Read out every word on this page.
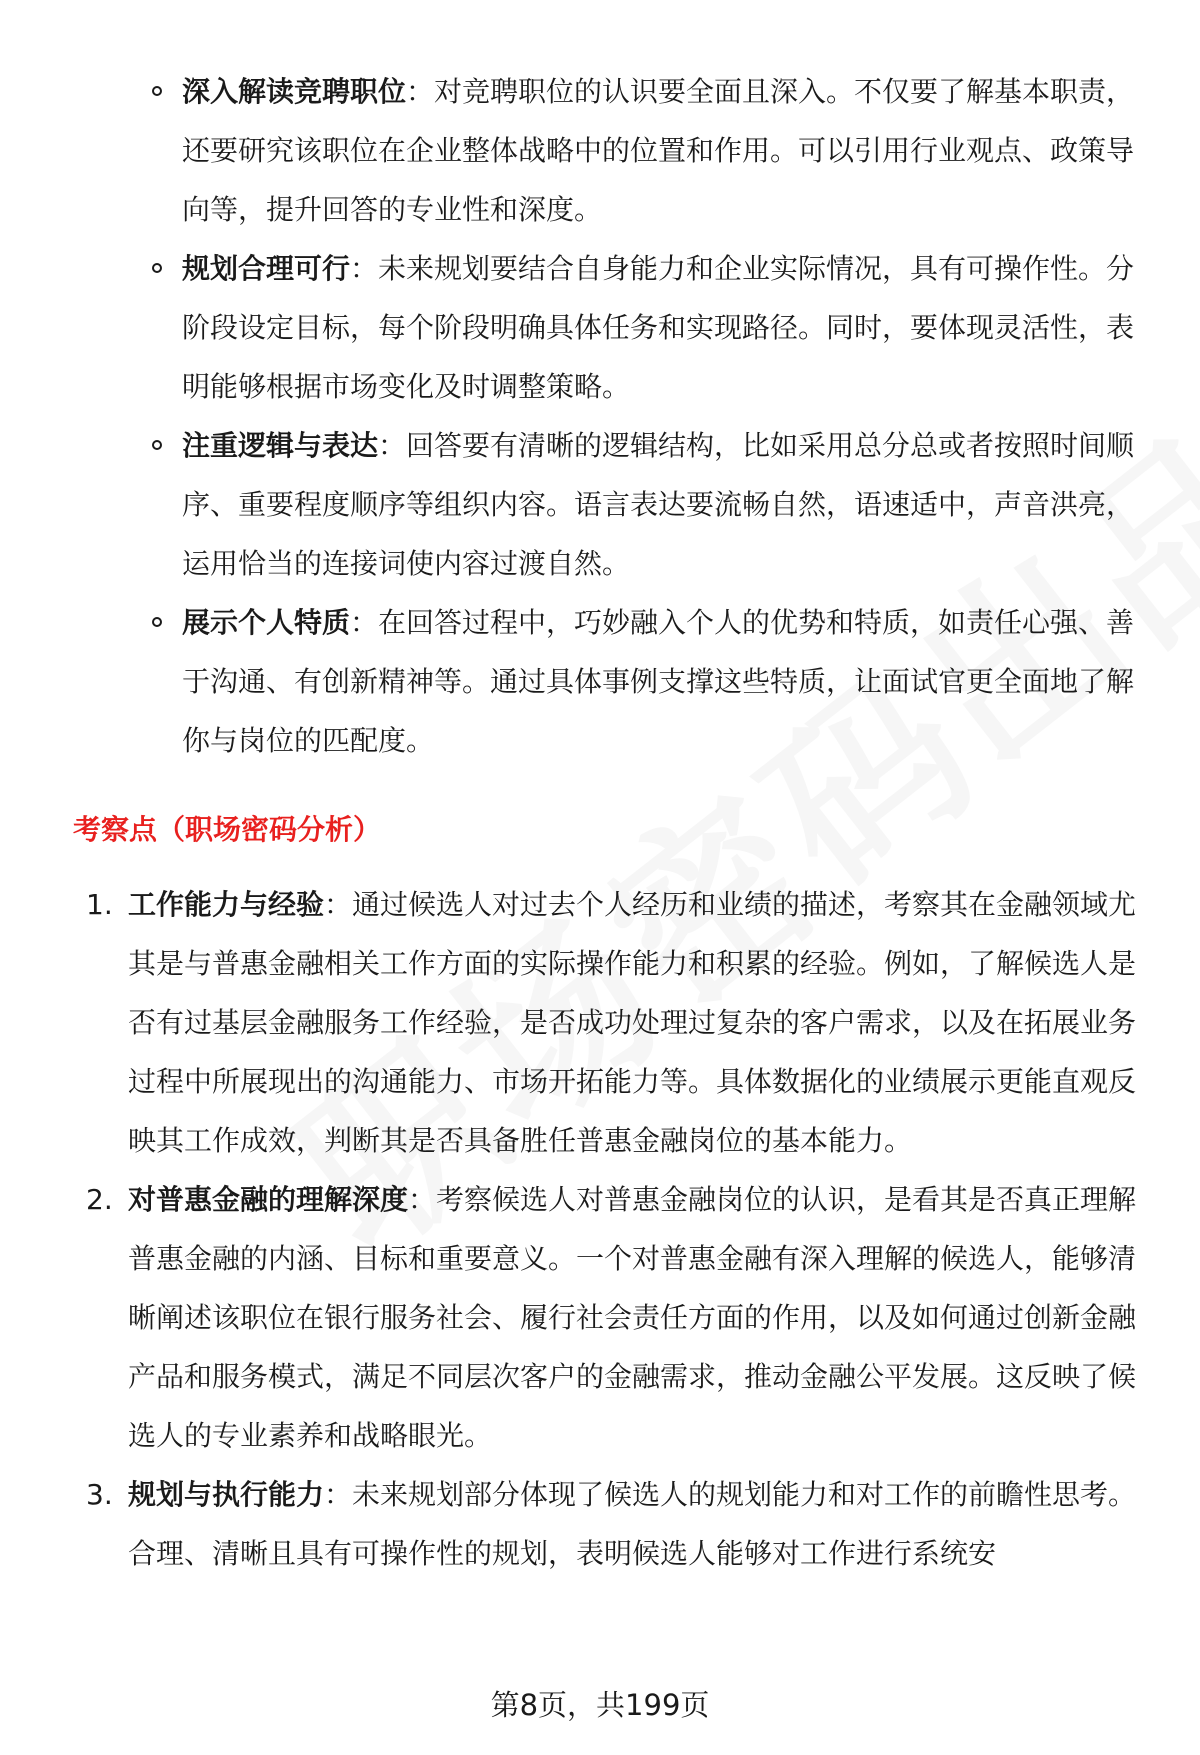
深入解读竞聘职位：对竞聘职位的认识要全面且深入。不仅要了解基本职责，还要研究该职位在企业整体战略中的位置和作用。可以引用行业观点、政策导向等，提升回答的专业性和深度。
规划合理可行：未来规划要结合自身能力和企业实际情况，具有可操作性。分阶段设定目标，每个阶段明确具体任务和实现路径。同时，要体现灵活性，表明能够根据市场变化及时调整策略。
注重逻辑与表达：回答要有清晰的逻辑结构，比如采用总分总或者按照时间顺序、重要程度顺序等组织内容。语言表达要流畅自然，语速适中，声音洪亮，运用恰当的连接词使内容过渡自然。
展示个人特质：在回答过程中，巧妙融入个人的优势和特质，如责任心强、善于沟通、有创新精神等。通过具体事例支撑这些特质，让面试官更全面地了解你与岗位的匹配度。
考察点（职场密码分析）
1. 工作能力与经验：通过候选人对过去个人经历和业绩的描述，考察其在金融领域尤其是与普惠金融相关工作方面的实际操作能力和积累的经验。例如，了解候选人是否有过基层金融服务工作经验，是否成功处理过复杂的客户需求，以及在拓展业务过程中所展现出的沟通能力、市场开拓能力等。具体数据化的业绩展示更能直观反映其工作成效，判断其是否具备胜任普惠金融岗位的基本能力。
2. 对普惠金融的理解深度：考察候选人对普惠金融岗位的认识，是看其是否真正理解普惠金融的内涵、目标和重要意义。一个对普惠金融有深入理解的候选人，能够清晰阐述该职位在银行服务社会、履行社会责任方面的作用，以及如何通过创新金融产品和服务模式，满足不同层次客户的金融需求，推动金融公平发展。这反映了候选人的专业素养和战略眼光。
3. 规划与执行能力：未来规划部分体现了候选人的规划能力和对工作的前瞻性思考。合理、清晰且具有可操作性的规划，表明候选人能够对工作进行系统安
第8页，共199页
